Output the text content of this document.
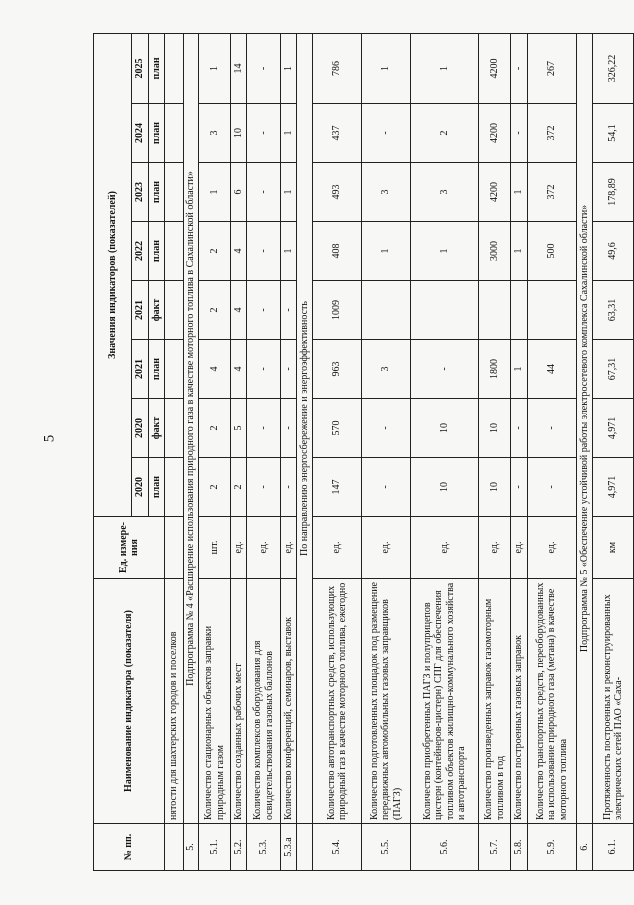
5
№ пп.	Наименование индикатора (показателя)	Ед. измере-ния	Значения индикаторов (показателей)							
			2020	2020	2021	2021	2022	2023	2024	2025
			план	факт	план	факт	план	план	план	план
	нятости для шахтерских городов и поселков									
5.	Подпрограмма № 4 «Расширение использования природного газа в качестве моторного топлива в Сахалинской области»									
5.1.	Количество стационарных объектов заправки природным газом	шт.	2	2	4	2	2	1	3	1
5.2.	Количество созданных рабочих мест	ед.	2	5	4	4	4	6	10	14
5.3.	Количество комплексов оборудования для освидетельствования газовых баллонов	ед.	-	-	-	-	-	-	-	-
5.3.а	Количество конференций, семинаров, выставок	ед.	-	-	-	-	1	1	1	1
	По направлению энергосбережение и энергоэффективность									
5.4.	Количество автотранспортных средств, использующих природный газ в качестве моторного топлива, ежегодно	ед.	147	570	963	1009	408	493	437	786
5.5.	Количество подготовленных площадок под размещение передвижных автомобильных газовых заправщиков (ПАГЗ)	ед.	-	-	3		1	3	-	1
5.6.	Количество приобретенных ПАГЗ и полуприцепов цистерн (контейнеров-цистерн) СПГ для обеспечения топливом объектов жилищно-коммунального хозяйства и автотранспорта	ед.	10	10	-		1	3	2	1
5.7.	Количество произведенных заправок газомоторным топливом в год	ед.	10	10	1800		3000	4200	4200	4200
5.8.	Количество построенных газовых заправок	ед.	-	-	1		1	1	-	-
5.9.	Количество транспортных средств, переоборудованных на использование природного газа (метана) в качестве моторного топлива	ед.	-	-	44		500	372	372	267
6.	Подпрограмма № 5 «Обеспечение устойчивой работы электросетевого комплекса Сахалинской области»									
6.1.	Протяженность построенных и реконструированных электрических сетей ПАО «Саха-	км	4,971	4,971	67,31	63,31	49,6	178,89	54,1	326,22
